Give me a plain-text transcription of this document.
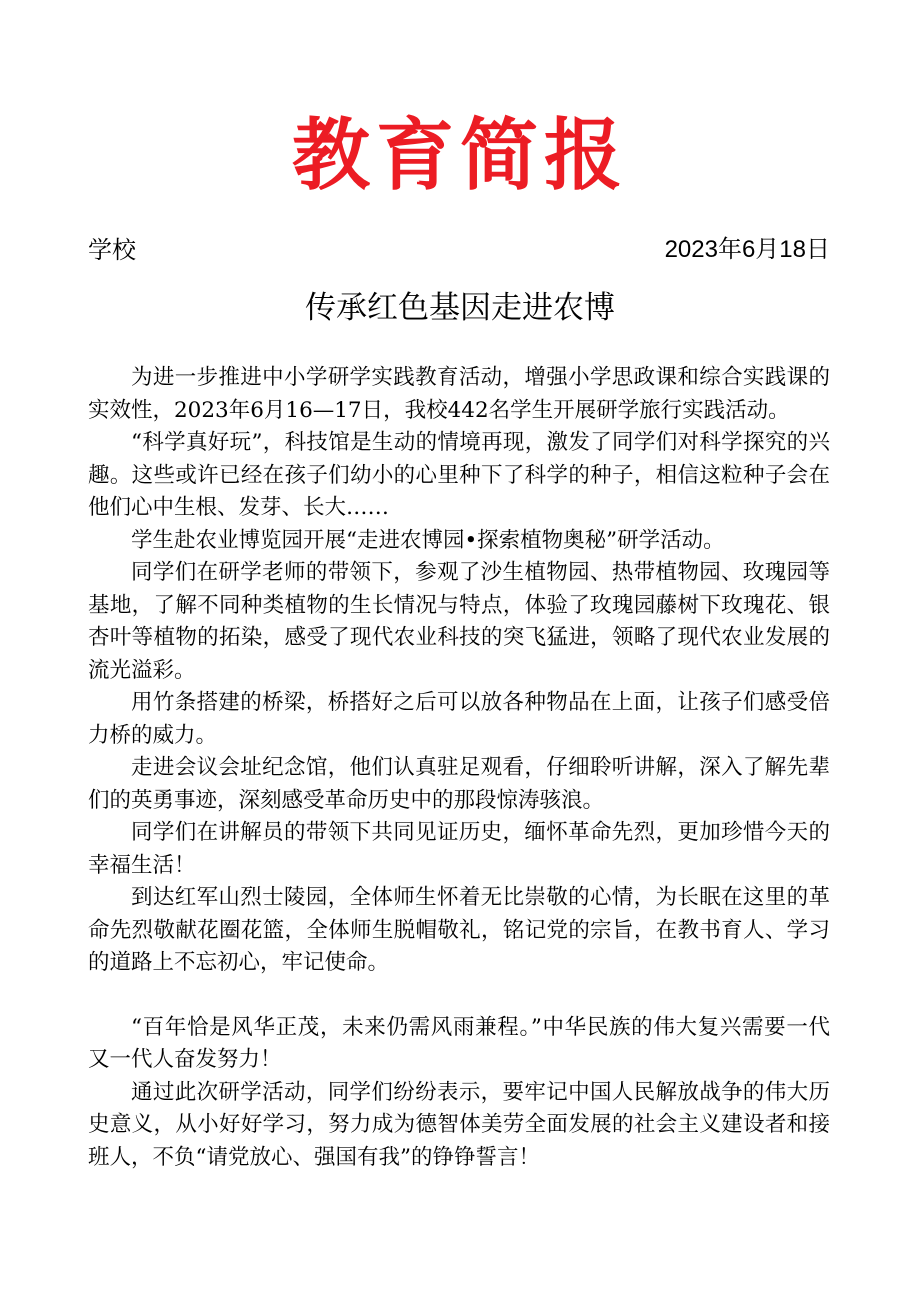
教育简报
学校	2023年6月18日
传承红色基因走进农博

为进一步推进中小学研学实践教育活动，增强小学思政课和综合实践课的实效性，2023年6月16—17日，我校442名学生开展研学旅行实践活动。

“科学真好玩”，科技馆是生动的情境再现，激发了同学们对科学探究的兴趣。这些或许已经在孩子们幼小的心里种下了科学的种子，相信这粒种子会在他们心中生根、发芽、长大……

学生赴农业博览园开展“走进农博园•探索植物奥秘”研学活动。

同学们在研学老师的带领下，参观了沙生植物园、热带植物园、玫瑰园等基地，了解不同种类植物的生长情况与特点，体验了玫瑰园藤树下玫瑰花、银杏叶等植物的拓染，感受了现代农业科技的突飞猛进，领略了现代农业发展的流光溢彩。

用竹条搭建的桥梁，桥搭好之后可以放各种物品在上面，让孩子们感受倍力桥的威力。

走进会议会址纪念馆，他们认真驻足观看，仔细聆听讲解，深入了解先辈们的英勇事迹，深刻感受革命历史中的那段惊涛骇浪。

同学们在讲解员的带领下共同见证历史，缅怀革命先烈，更加珍惜今天的幸福生活！

到达红军山烈士陵园，全体师生怀着无比崇敬的心情，为长眠在这里的革命先烈敬献花圈花篮，全体师生脱帽敬礼，铭记党的宗旨，在教书育人、学习的道路上不忘初心，牢记使命。

“百年恰是风华正茂，未来仍需风雨兼程。”中华民族的伟大复兴需要一代又一代人奋发努力！

通过此次研学活动，同学们纷纷表示，要牢记中国人民解放战争的伟大历史意义，从小好好学习，努力成为德智体美劳全面发展的社会主义建设者和接班人，不负“请党放心、强国有我”的铮铮誓言！
